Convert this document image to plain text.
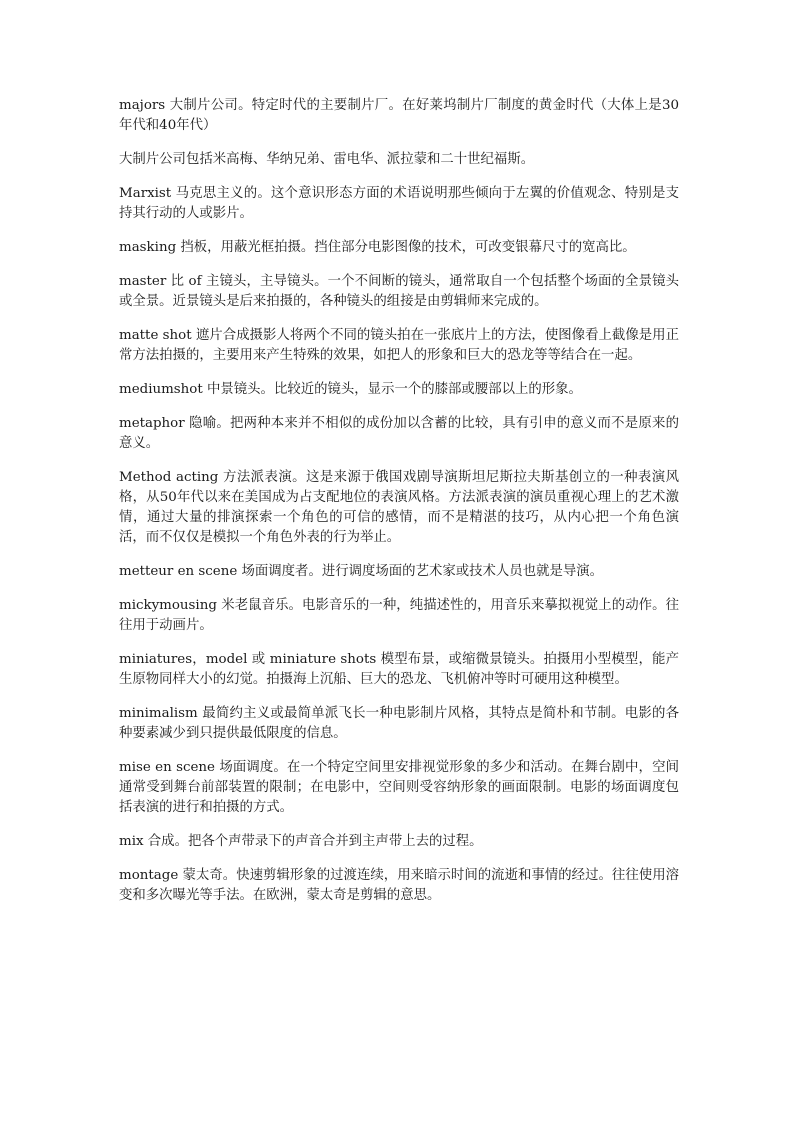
majors 大制片公司。特定时代的主要制片厂。在好莱坞制片厂制度的黄金时代（大体上是30年代和40年代）

大制片公司包括米高梅、华纳兄弟、雷电华、派拉蒙和二十世纪福斯。

Marxist 马克思主义的。这个意识形态方面的术语说明那些倾向于左翼的价值观念、特别是支持其行动的人或影片。

masking 挡板，用蔽光框拍摄。挡住部分电影图像的技术，可改变银幕尺寸的宽高比。

master 比 of 主镜头，主导镜头。一个不间断的镜头，通常取自一个包括整个场面的全景镜头或全景。近景镜头是后来拍摄的，各种镜头的组接是由剪辑师来完成的。

matte shot 遮片合成摄影人将两个不同的镜头拍在一张底片上的方法，使图像看上截像是用正常方法拍摄的，主要用来产生特殊的效果，如把人的形象和巨大的恐龙等等结合在一起。

mediumshot 中景镜头。比较近的镜头，显示一个的膝部或腰部以上的形象。

metaphor 隐喻。把两种本来并不相似的成份加以含蓄的比较，具有引申的意义而不是原来的意义。

Method acting 方法派表演。这是来源于俄国戏剧导演斯坦尼斯拉夫斯基创立的一种表演风格，从50年代以来在美国成为占支配地位的表演风格。方法派表演的演员重视心理上的艺术激情，通过大量的排演探索一个角色的可信的感情，而不是精湛的技巧，从内心把一个角色演活，而不仅仅是模拟一个角色外表的行为举止。

metteur en scene 场面调度者。进行调度场面的艺术家或技术人员也就是导演。

mickymousing 米老鼠音乐。电影音乐的一种，纯描述性的，用音乐来摹拟视觉上的动作。往往用于动画片。

miniatures，model 或 miniature shots 模型布景，或缩微景镜头。拍摄用小型模型，能产生原物同样大小的幻觉。拍摄海上沉船、巨大的恐龙、飞机俯冲等时可硬用这种模型。

minimalism 最简约主义或最简单派飞长一种电影制片风格，其特点是简朴和节制。电影的各种要素减少到只提供最低限度的信息。

mise en scene 场面调度。在一个特定空间里安排视觉形象的多少和活动。在舞台剧中，空间通常受到舞台前部装置的限制；在电影中，空间则受容纳形象的画面限制。电影的场面调度包括表演的进行和拍摄的方式。

mix 合成。把各个声带录下的声音合并到主声带上去的过程。

montage 蒙太奇。快速剪辑形象的过渡连续，用来暗示时间的流逝和事情的经过。往往使用溶变和多次曝光等手法。在欧洲，蒙太奇是剪辑的意思。
